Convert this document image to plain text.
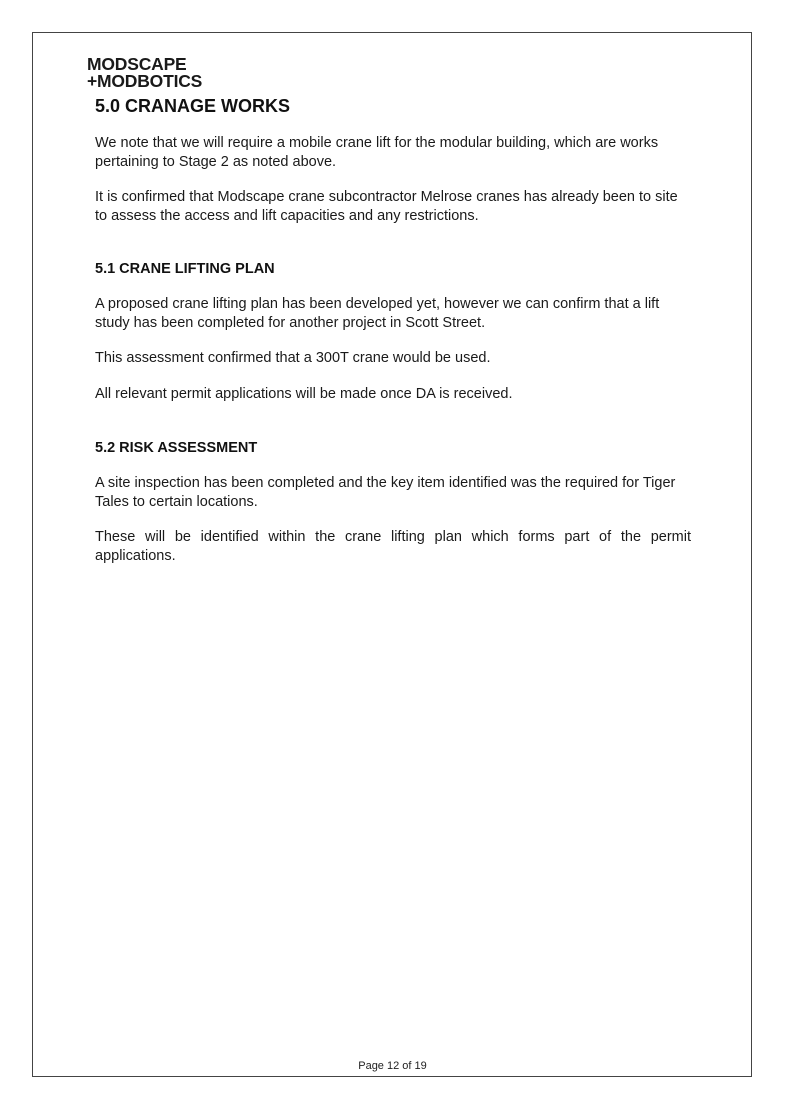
MODSCAPE
+MODBOTICS
5.0 CRANAGE WORKS

We note that we will require a mobile crane lift for the modular building, which are works pertaining to Stage 2 as noted above.

It is confirmed that Modscape crane subcontractor Melrose cranes has already been to site to assess the access and lift capacities and any restrictions.

5.1 CRANE LIFTING PLAN

A proposed crane lifting plan has been developed yet, however we can confirm that a lift study has been completed for another project in Scott Street.

This assessment confirmed that a 300T crane would be used.

All relevant permit applications will be made once DA is received.

5.2 RISK ASSESSMENT

A site inspection has been completed and the key item identified was the required for Tiger Tales to certain locations.

These will be identified within the crane lifting plan which forms part of the permit applications.

Page 12 of 19
